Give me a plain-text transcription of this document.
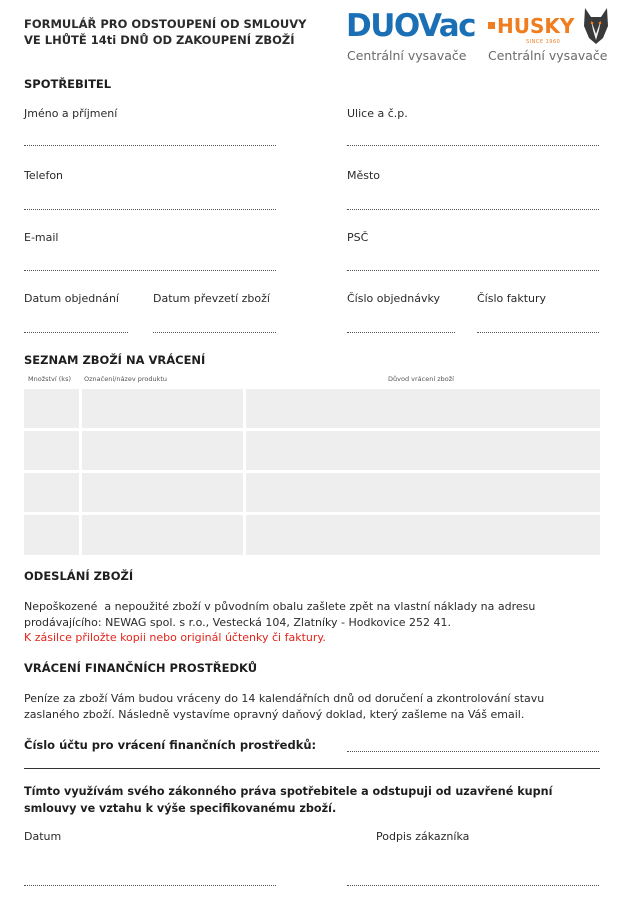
FORMULÁŘ PRO ODSTOUPENÍ OD SMLOUVY
VE LHŮTĚ 14ti DNŮ OD ZAKOUPENÍ ZBOŽÍ	DUOVac
Centrální vysavače
HUSKY
SINCE 1960
Centrální vysavače
SPOTŘEBITEL
Jméno a příjmení	Ulice a č.p.
Telefon	Město
E-mail	PSČ
Datum objednání	Datum převzetí zboží	Číslo objednávky	Číslo faktury
SEZNAM ZBOŽÍ NA VRÁCENÍ
Množství (ks) Označení/název produktu	Důvod vrácení zboží
ODESLÁNÍ ZBOŽÍ
Nepoškozené  a nepoužité zboží v původním obalu zašlete zpět na vlastní náklady na adresu
prodávajícího: NEWAG spol. s r.o., Vestecká 104, Zlatníky - Hodkovice 252 41.
K zásilce přiložte kopii nebo originál účtenky či faktury.
VRÁCENÍ FINANČNÍCH PROSTŘEDKŮ
Peníze za zboží Vám budou vráceny do 14 kalendářních dnů od doručení a zkontrolování stavu
zaslaného zboží. Následně vystavíme opravný daňový doklad, který zašleme na Váš email.
Číslo účtu pro vrácení finančních prostředků:
Tímto využívám svého zákonného práva spotřebitele a odstupuji od uzavřené kupní
smlouvy ve vztahu k výše specifikovanému zboží.
Datum	Podpis zákazníka
